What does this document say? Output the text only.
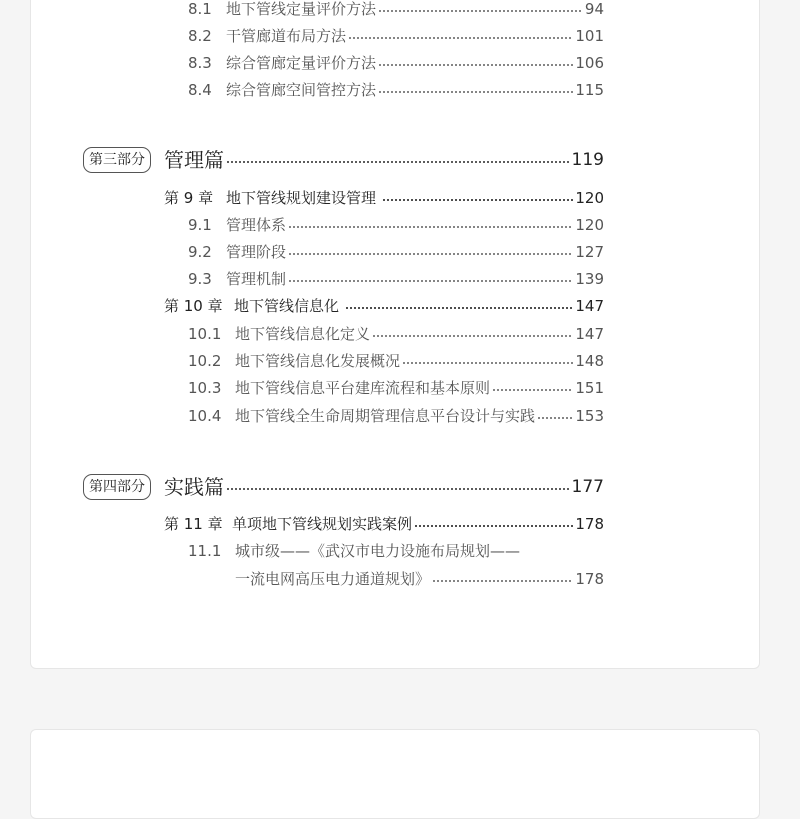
8.1 地下管线定量评价方法	94
8.2 干管廊道布局方法	101
8.3 综合管廊定量评价方法	106
8.4 综合管廊空间管控方法	115
第三部分 管理篇	119
第 9 章 地下管线规划建设管理	120
9.1 管理体系	120
9.2 管理阶段	127
9.3 管理机制	139
第 10 章 地下管线信息化	147
10.1 地下管线信息化定义	147
10.2 地下管线信息化发展概况	148
10.3 地下管线信息平台建库流程和基本原则	151
10.4 地下管线全生命周期管理信息平台设计与实践	153
第四部分 实践篇	177
第 11 章 单项地下管线规划实践案例	178
11.1 城市级——《武汉市电力设施布局规划——
一流电网高压电力通道规划》	178
